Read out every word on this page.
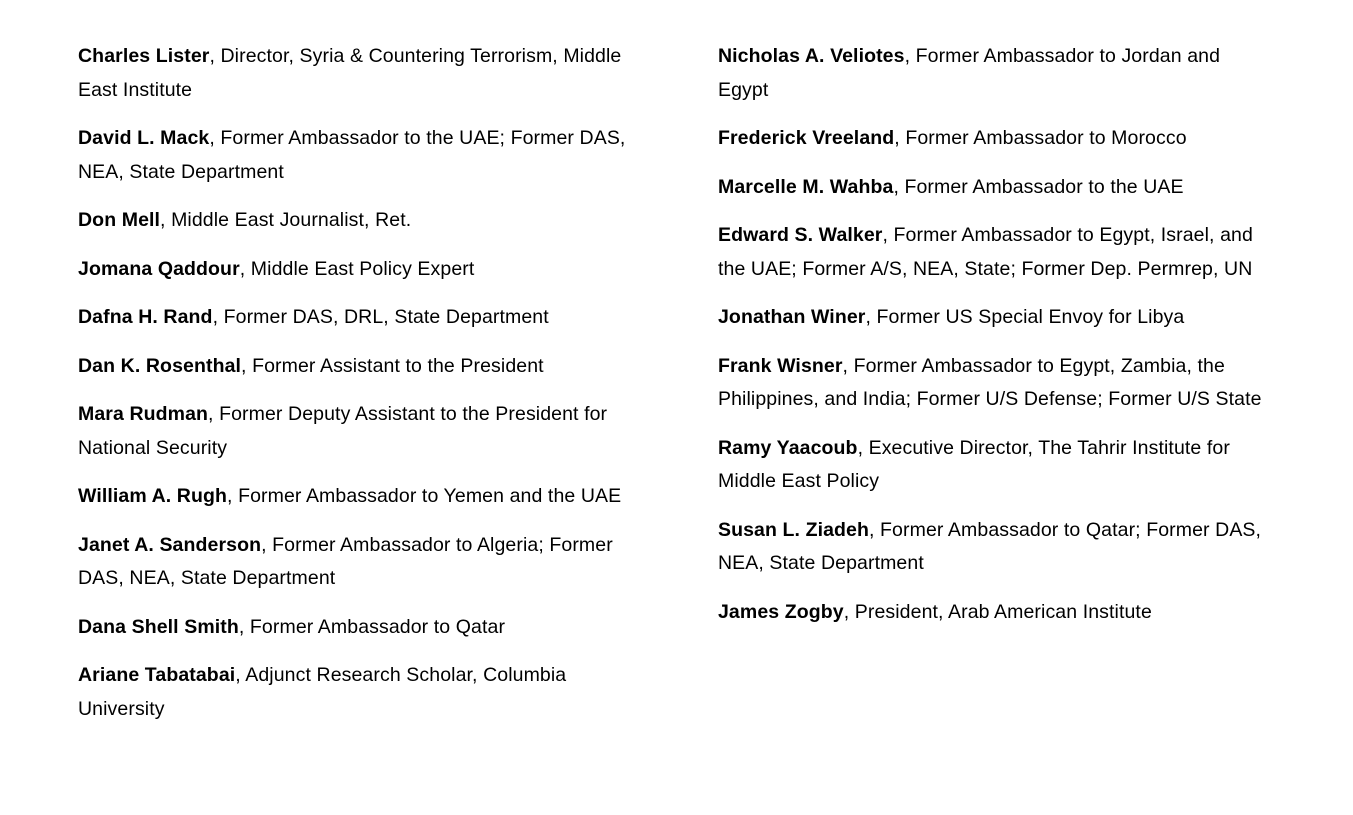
Charles Lister, Director, Syria & Countering Terrorism, Middle East Institute

David L. Mack, Former Ambassador to the UAE; Former DAS, NEA, State Department

Don Mell, Middle East Journalist, Ret.

Jomana Qaddour, Middle East Policy Expert

Dafna H. Rand, Former DAS, DRL, State Department

Dan K. Rosenthal, Former Assistant to the President

Mara Rudman, Former Deputy Assistant to the President for National Security

William A. Rugh, Former Ambassador to Yemen and the UAE

Janet A. Sanderson, Former Ambassador to Algeria; Former DAS, NEA, State Department

Dana Shell Smith, Former Ambassador to Qatar

Ariane Tabatabai, Adjunct Research Scholar, Columbia University

Nicholas A. Veliotes, Former Ambassador to Jordan and Egypt

Frederick Vreeland, Former Ambassador to Morocco

Marcelle M. Wahba, Former Ambassador to the UAE

Edward S. Walker, Former Ambassador to Egypt, Israel, and the UAE; Former A/S, NEA, State; Former Dep. Permrep, UN

Jonathan Winer, Former US Special Envoy for Libya

Frank Wisner, Former Ambassador to Egypt, Zambia, the Philippines, and India; Former U/S Defense; Former U/S State

Ramy Yaacoub, Executive Director, The Tahrir Institute for Middle East Policy

Susan L. Ziadeh, Former Ambassador to Qatar; Former DAS, NEA, State Department

James Zogby, President, Arab American Institute
